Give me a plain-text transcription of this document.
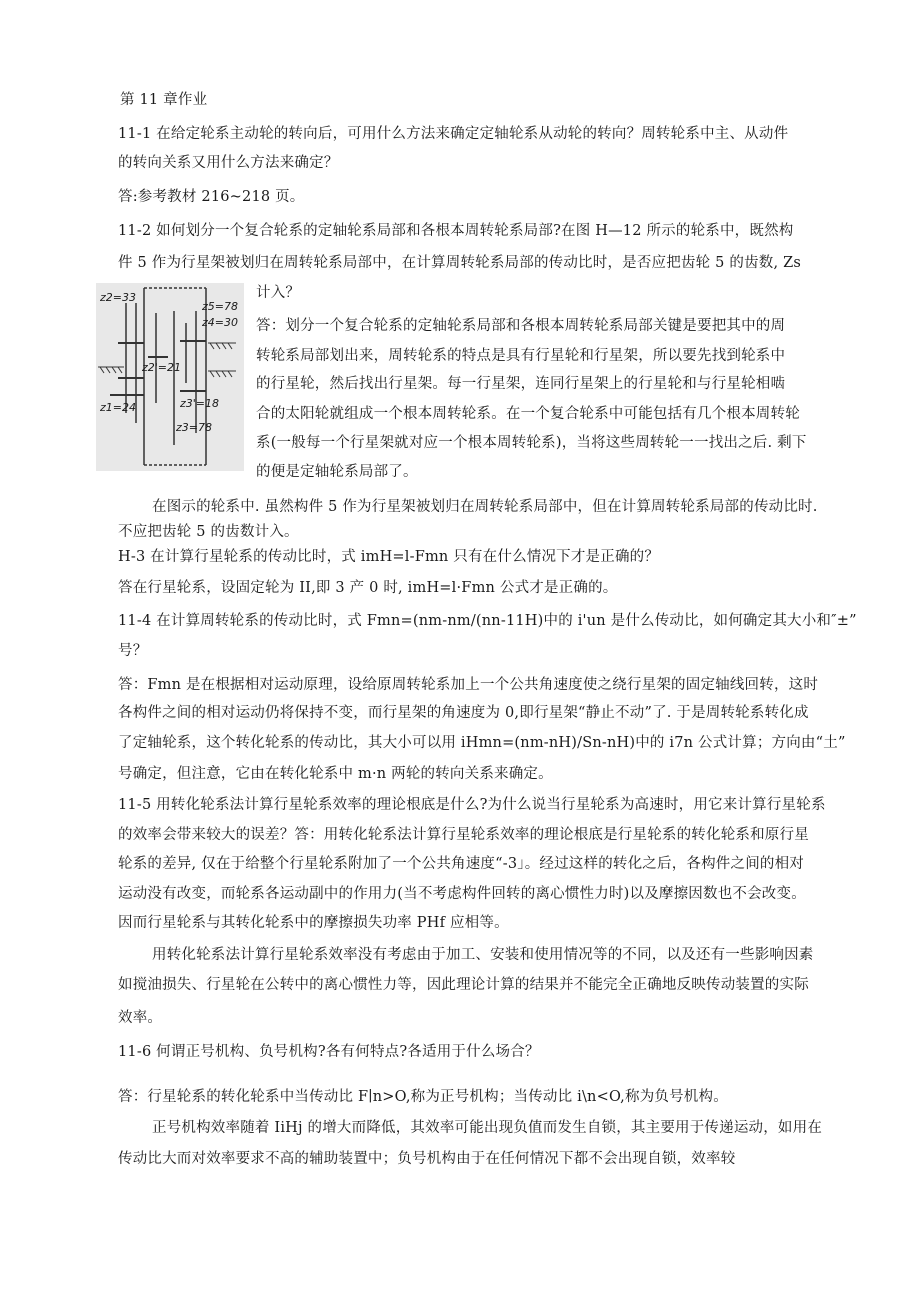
第 11 章作业
11-1 在给定轮系主动轮的转向后，可用什么方法来确定定轴轮系从动轮的转向？周转轮系中主、从动件
的转向关系又用什么方法来确定？
答:参考教材 216~218 页。
11-2 如何划分一个复合轮系的定轴轮系局部和各根本周转轮系局部?在图 H—12 所示的轮系中，既然构
件 5 作为行星架被划归在周转轮系局部中，在计算周转轮系局部的传动比时，是否应把齿轮 5 的齿数, Zs
计入？
z2=33
z5=78
z4=30
z2'=21
z1=24	z3'=18
z3=78
答：划分一个复合轮系的定轴轮系局部和各根本周转轮系局部关键是要把其中的周
转轮系局部划出来，周转轮系的特点是具有行星轮和行星架，所以要先找到轮系中
的行星轮，然后找出行星架。每一行星架，连同行星架上的行星轮和与行星轮相啮
合的太阳轮就组成一个根本周转轮系。在一个复合轮系中可能包括有几个根本周转轮
系(一般每一个行星架就对应一个根本周转轮系)，当将这些周转轮一一找出之后. 剩下
的便是定轴轮系局部了。
在图示的轮系中. 虽然构件 5 作为行星架被划归在周转轮系局部中，但在计算周转轮系局部的传动比时.
不应把齿轮 5 的齿数计入。
H-3 在计算行星轮系的传动比时，式 imH=l-Fmn 只有在什么情况下才是正确的？
答在行星轮系，设固定轮为 II,即 3 产 0 时, imH=l·Fmn 公式才是正确的。
11-4 在计算周转轮系的传动比时，式 Fmn=(nm-nm/(nn-11H)中的 i'un 是什么传动比，如何确定其大小和″±”
号？
答：Fmn 是在根据相对运动原理，设给原周转轮系加上一个公共角速度使之绕行星架的固定轴线回转，这时
各构件之间的相对运动仍将保持不变，而行星架的角速度为 0,即行星架“静止不动”了. 于是周转轮系转化成
了定轴轮系，这个转化轮系的传动比，其大小可以用 iHmn=(nm-nH)/Sn-nH)中的 i7n 公式计算；方向由“土”
号确定，但注意，它由在转化轮系中 m·n 两轮的转向关系来确定。
11-5 用转化轮系法计算行星轮系效率的理论根底是什么?为什么说当行星轮系为高速时，用它来计算行星轮系
的效率会带来较大的误差？答：用转化轮系法计算行星轮系效率的理论根底是行星轮系的转化轮系和原行星
轮系的差异, 仅在于给整个行星轮系附加了一个公共角速度“-3」。经过这样的转化之后，各构件之间的相对
运动没有改变，而轮系各运动副中的作用力(当不考虑构件回转的离心惯性力时)以及摩擦因数也不会改变。
因而行星轮系与其转化轮系中的摩擦损失功率 PHf 应相等。
用转化轮系法计算行星轮系效率没有考虑由于加工、安装和使用情况等的不同，以及还有一些影响因素
如搅油损失、行星轮在公转中的离心惯性力等，因此理论计算的结果并不能完全正确地反映传动装置的实际
效率。
11-6 何谓正号机构、负号机构?各有何特点?各适用于什么场合？
答：行星轮系的转化轮系中当传动比 F∣n>O,称为正号机构；当传动比 i\n<O,称为负号机构。
正号机构效率随着 IiHj 的增大而降低，其效率可能出现负值而发生自锁，其主要用于传递运动，如用在
传动比大而对效率要求不高的辅助装置中；负号机构由于在任何情况下都不会出现自锁，效率较
